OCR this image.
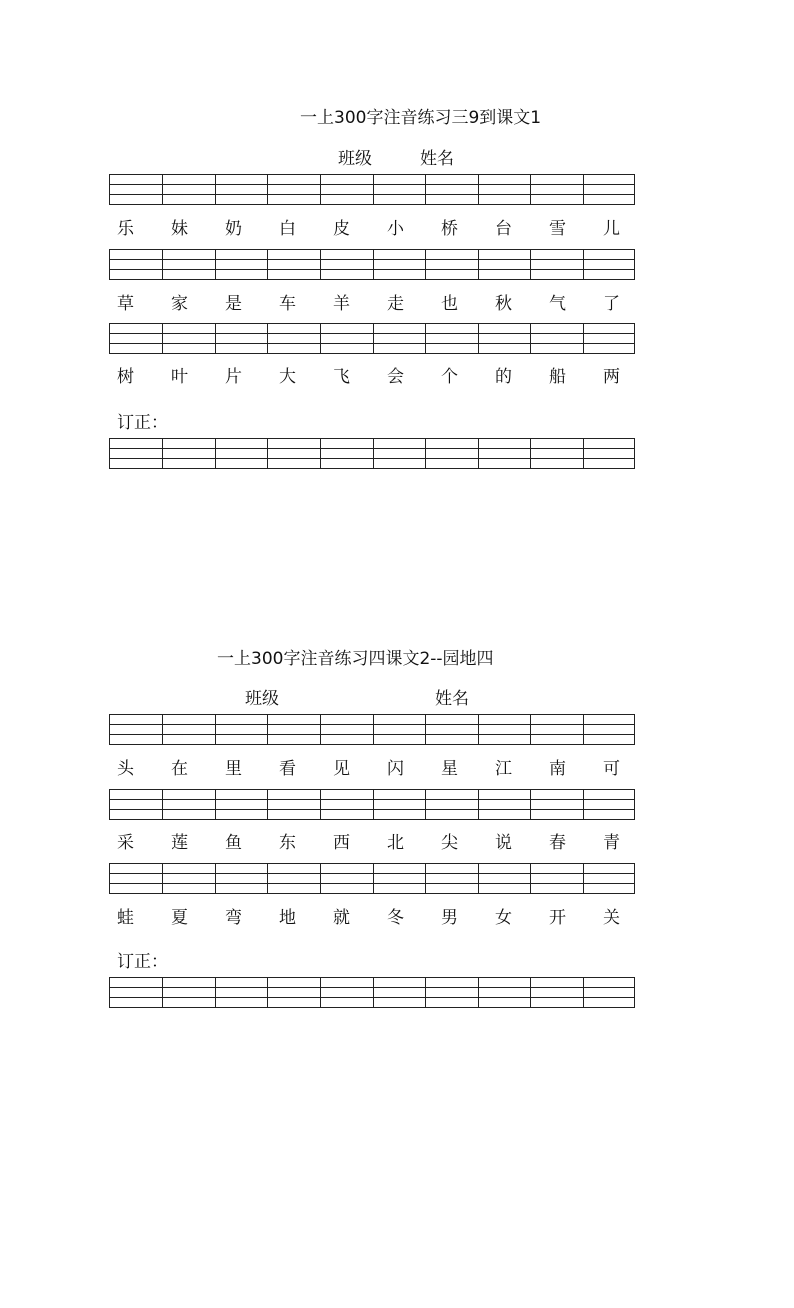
一上300字注音练习三9到课文1
班级	姓名
乐 妹 奶 白 皮 小 桥 台 雪 儿
草 家 是 车 羊 走 也 秋 气 了
树 叶 片 大 飞 会 个 的 船 两
订正：
一上300字注音练习四课文2--园地四
班级	姓名
头 在 里 看 见 闪 星 江 南 可
采 莲 鱼 东 西 北 尖 说 春 青
蛙 夏 弯 地 就 冬 男 女 开 关
订正：
